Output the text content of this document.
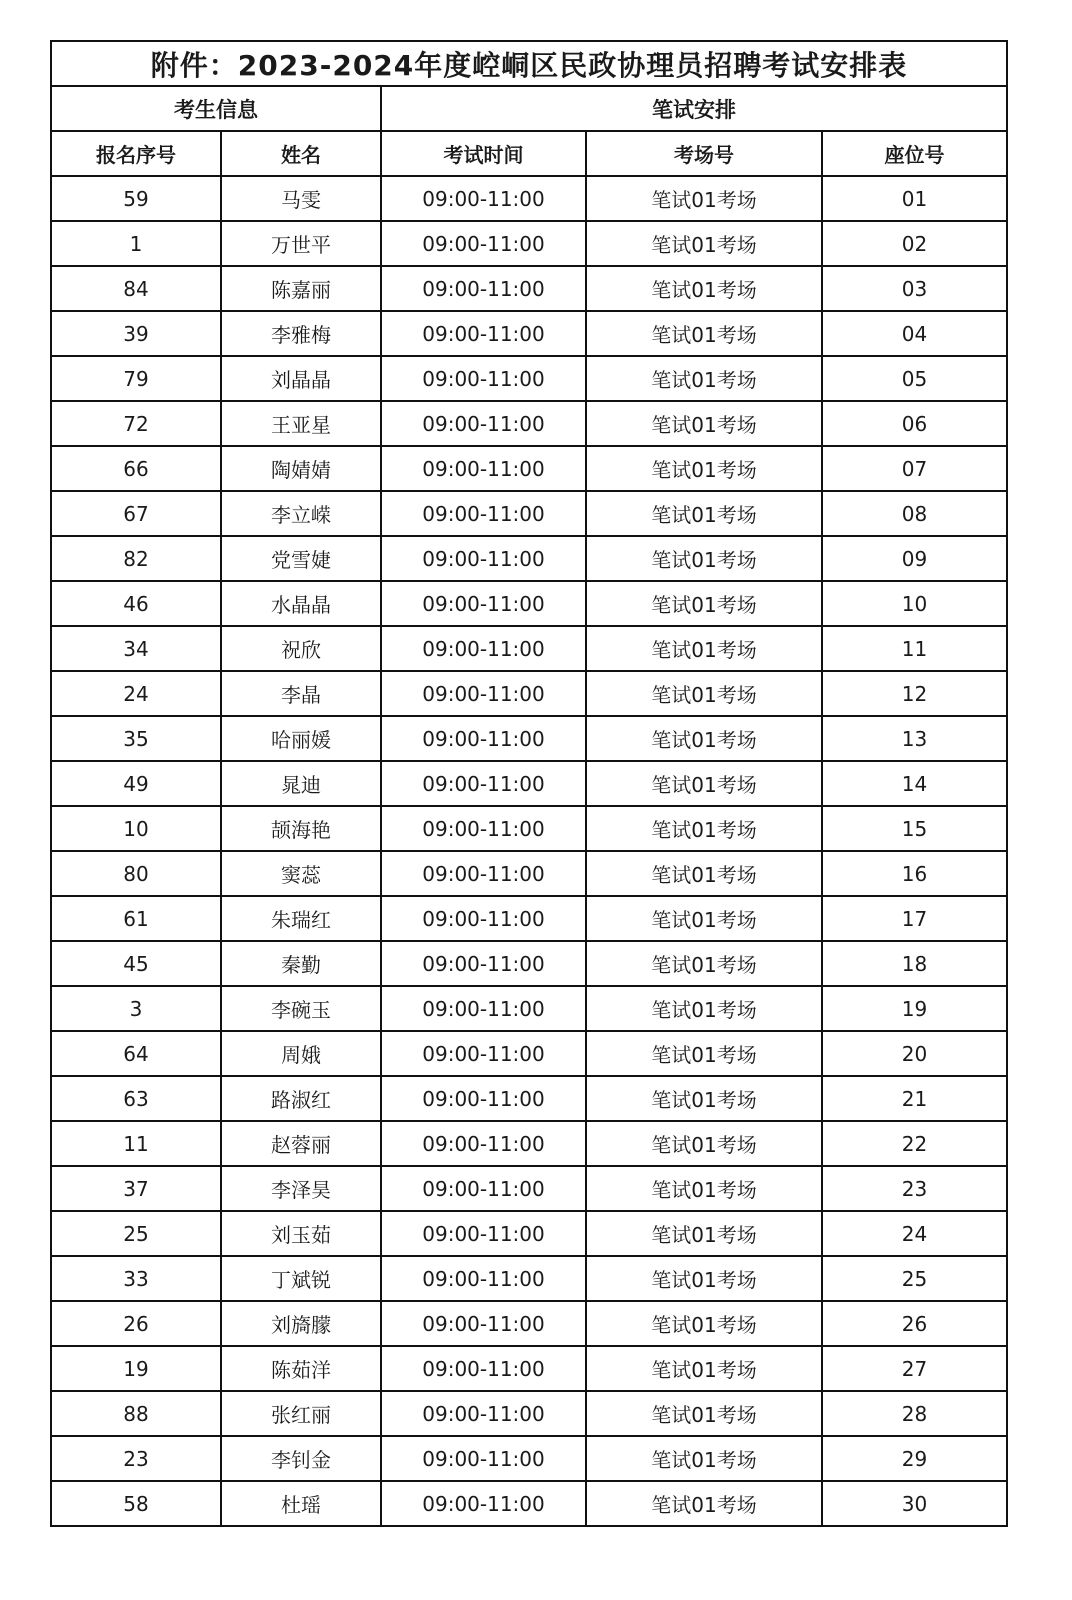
附件：2023-2024年度崆峒区民政协理员招聘考试安排表				
考生信息		笔试安排		
报名序号	姓名	考试时间	考场号	座位号
59	马雯	09:00-11:00	笔试01考场	01
1	万世平	09:00-11:00	笔试01考场	02
84	陈嘉丽	09:00-11:00	笔试01考场	03
39	李雅梅	09:00-11:00	笔试01考场	04
79	刘晶晶	09:00-11:00	笔试01考场	05
72	王亚星	09:00-11:00	笔试01考场	06
66	陶婧婧	09:00-11:00	笔试01考场	07
67	李立嵘	09:00-11:00	笔试01考场	08
82	党雪婕	09:00-11:00	笔试01考场	09
46	水晶晶	09:00-11:00	笔试01考场	10
34	祝欣	09:00-11:00	笔试01考场	11
24	李晶	09:00-11:00	笔试01考场	12
35	哈丽媛	09:00-11:00	笔试01考场	13
49	晁迪	09:00-11:00	笔试01考场	14
10	颉海艳	09:00-11:00	笔试01考场	15
80	窦蕊	09:00-11:00	笔试01考场	16
61	朱瑞红	09:00-11:00	笔试01考场	17
45	秦勤	09:00-11:00	笔试01考场	18
3	李碗玉	09:00-11:00	笔试01考场	19
64	周娥	09:00-11:00	笔试01考场	20
63	路淑红	09:00-11:00	笔试01考场	21
11	赵蓉丽	09:00-11:00	笔试01考场	22
37	李泽昊	09:00-11:00	笔试01考场	23
25	刘玉茹	09:00-11:00	笔试01考场	24
33	丁斌锐	09:00-11:00	笔试01考场	25
26	刘旖朦	09:00-11:00	笔试01考场	26
19	陈茹洋	09:00-11:00	笔试01考场	27
88	张红丽	09:00-11:00	笔试01考场	28
23	李钊金	09:00-11:00	笔试01考场	29
58	杜瑶	09:00-11:00	笔试01考场	30
